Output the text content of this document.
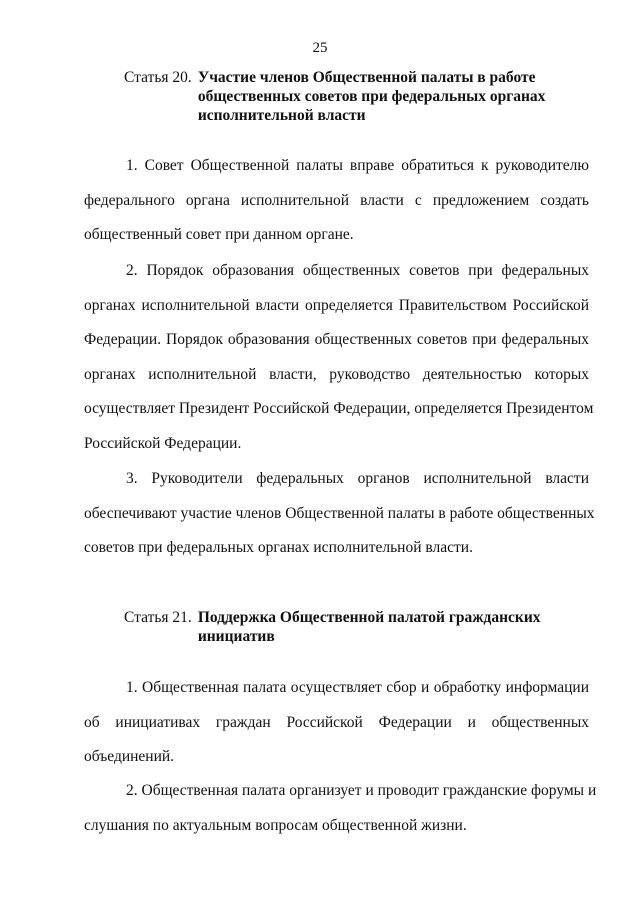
25
Статья 20. Участие членов Общественной палаты в работе
общественных советов при федеральных органах
исполнительной власти
1. Совет Общественной палаты вправе обратиться к руководителю
федерального органа исполнительной власти с предложением создать
общественный совет при данном органе.
2. Порядок образования общественных советов при федеральных
органах исполнительной власти определяется Правительством Российской
Федерации. Порядок образования общественных советов при федеральных
органах исполнительной власти, руководство деятельностью которых
осуществляет Президент Российской Федерации, определяется Президентом
Российской Федерации.
3. Руководители федеральных органов исполнительной власти
обеспечивают участие членов Общественной палаты в работе общественных
советов при федеральных органах исполнительной власти.
Статья 21. Поддержка Общественной палатой гражданских
инициатив
1. Общественная палата осуществляет сбор и обработку информации
об инициативах граждан Российской Федерации и общественных
объединений.
2. Общественная палата организует и проводит гражданские форумы и
слушания по актуальным вопросам общественной жизни.
